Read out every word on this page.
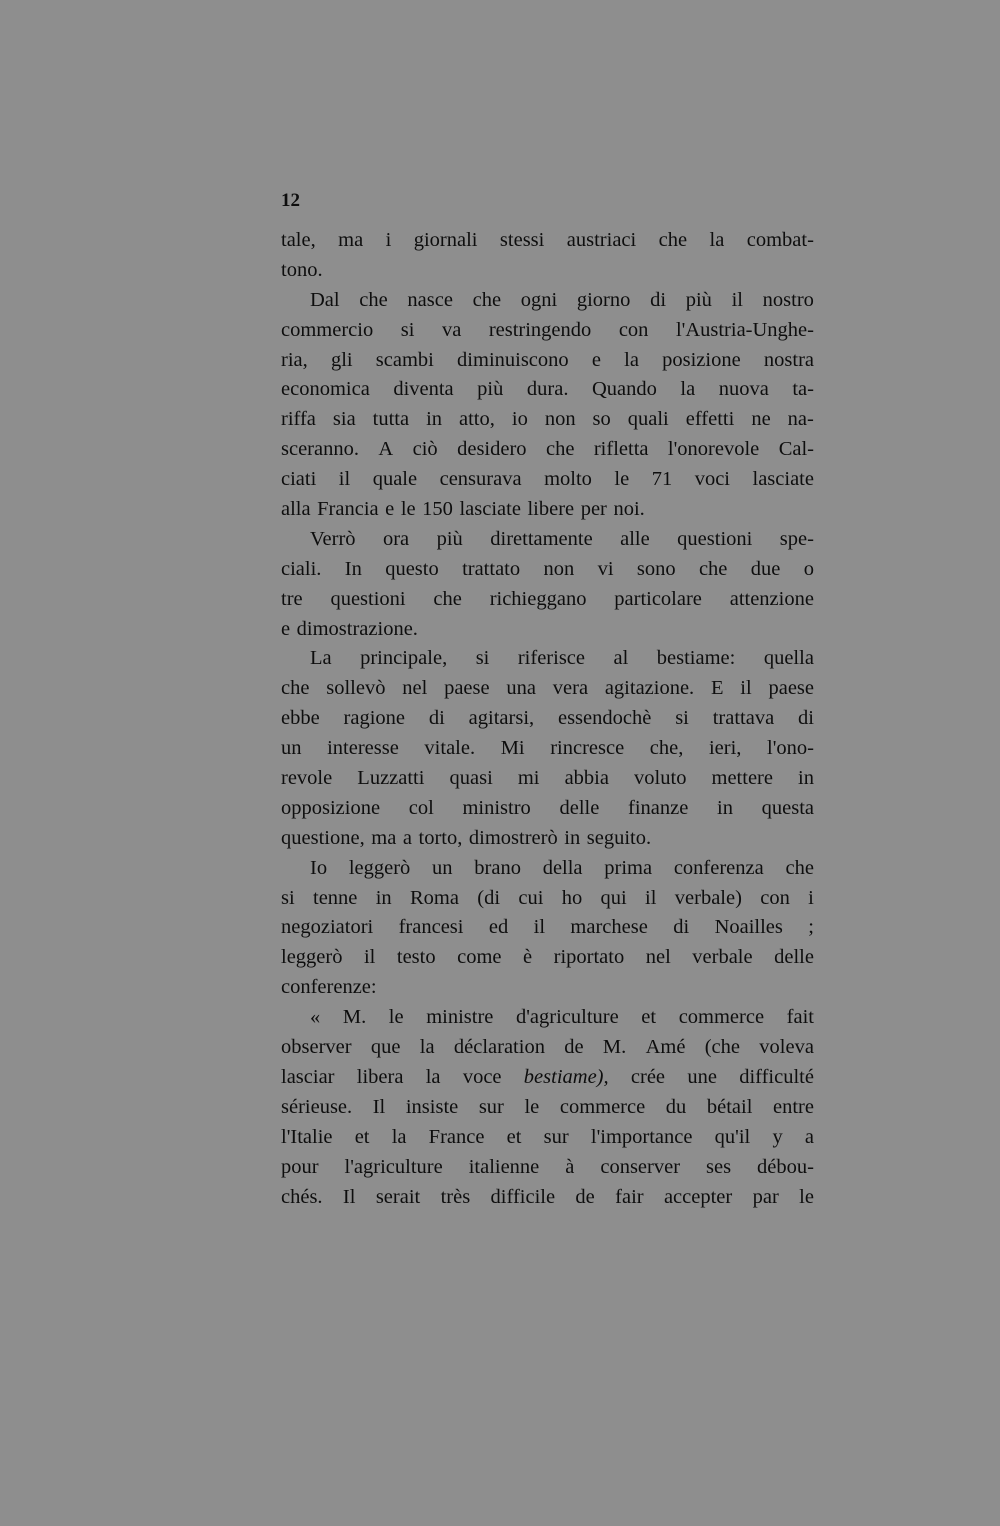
12
tale, ma i giornali stessi austriaci che la combat-
tono.
Dal che nasce che ogni giorno di più il nostro
commercio si va restringendo con l'Austria-Unghe-
ria, gli scambi diminuiscono e la posizione nostra
economica diventa più dura. Quando la nuova ta-
riffa sia tutta in atto, io non so quali effetti ne na-
sceranno. A ciò desidero che rifletta l'onorevole Cal-
ciati il quale censurava molto le 71 voci lasciate
alla Francia e le 150 lasciate libere per noi.
Verrò ora più direttamente alle questioni spe-
ciali. In questo trattato non vi sono che due o
tre questioni che richieggano particolare attenzione
e dimostrazione.
La principale, si riferisce al bestiame: quella
che sollevò nel paese una vera agitazione. E il paese
ebbe ragione di agitarsi, essendochè si trattava di
un interesse vitale. Mi rincresce che, ieri, l'ono-
revole Luzzatti quasi mi abbia voluto mettere in
opposizione col ministro delle finanze in questa
questione, ma a torto, dimostrerò in seguito.
Io leggerò un brano della prima conferenza che
si tenne in Roma (di cui ho qui il verbale) con i
negoziatori francesi ed il marchese di Noailles ;
leggerò il testo come è riportato nel verbale delle
conferenze:
« M. le ministre d'agriculture et commerce fait
observer que la déclaration de M. Amé (che voleva
lasciar libera la voce bestiame), crée une difficulté
sérieuse. Il insiste sur le commerce du bétail entre
l'Italie et la France et sur l'importance qu'il y a
pour l'agriculture italienne à conserver ses débou-
chés. Il serait très difficile de fair accepter par le
